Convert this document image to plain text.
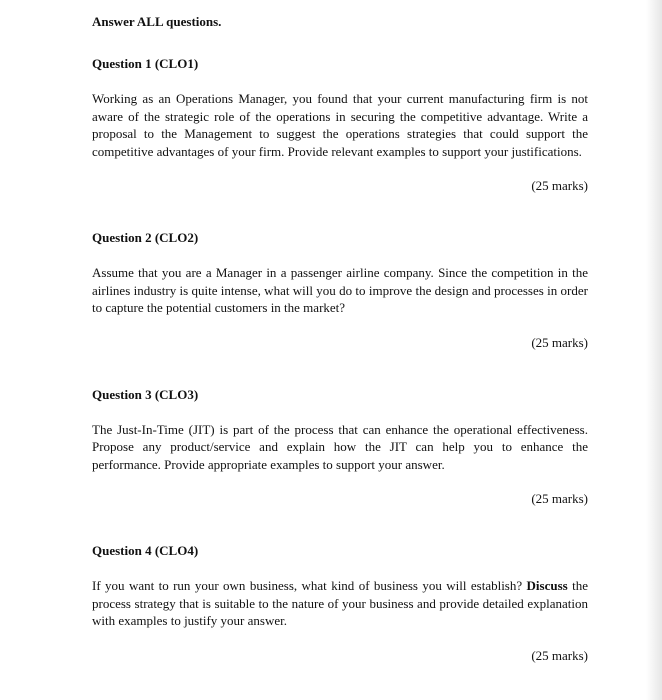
Answer ALL questions.

Question 1 (CLO1)

Working as an Operations Manager, you found that your current manufacturing firm is not aware of the strategic role of the operations in securing the competitive advantage. Write a proposal to the Management to suggest the operations strategies that could support the competitive advantages of your firm. Provide relevant examples to support your justifications.

(25 marks)

Question 2 (CLO2)

Assume that you are a Manager in a passenger airline company. Since the competition in the airlines industry is quite intense, what will you do to improve the design and processes in order to capture the potential customers in the market?

(25 marks)

Question 3 (CLO3)

The Just-In-Time (JIT) is part of the process that can enhance the operational effectiveness. Propose any product/service and explain how the JIT can help you to enhance the performance. Provide appropriate examples to support your answer.

(25 marks)

Question 4 (CLO4)

If you want to run your own business, what kind of business you will establish? Discuss the process strategy that is suitable to the nature of your business and provide detailed explanation with examples to justify your answer.

(25 marks)
